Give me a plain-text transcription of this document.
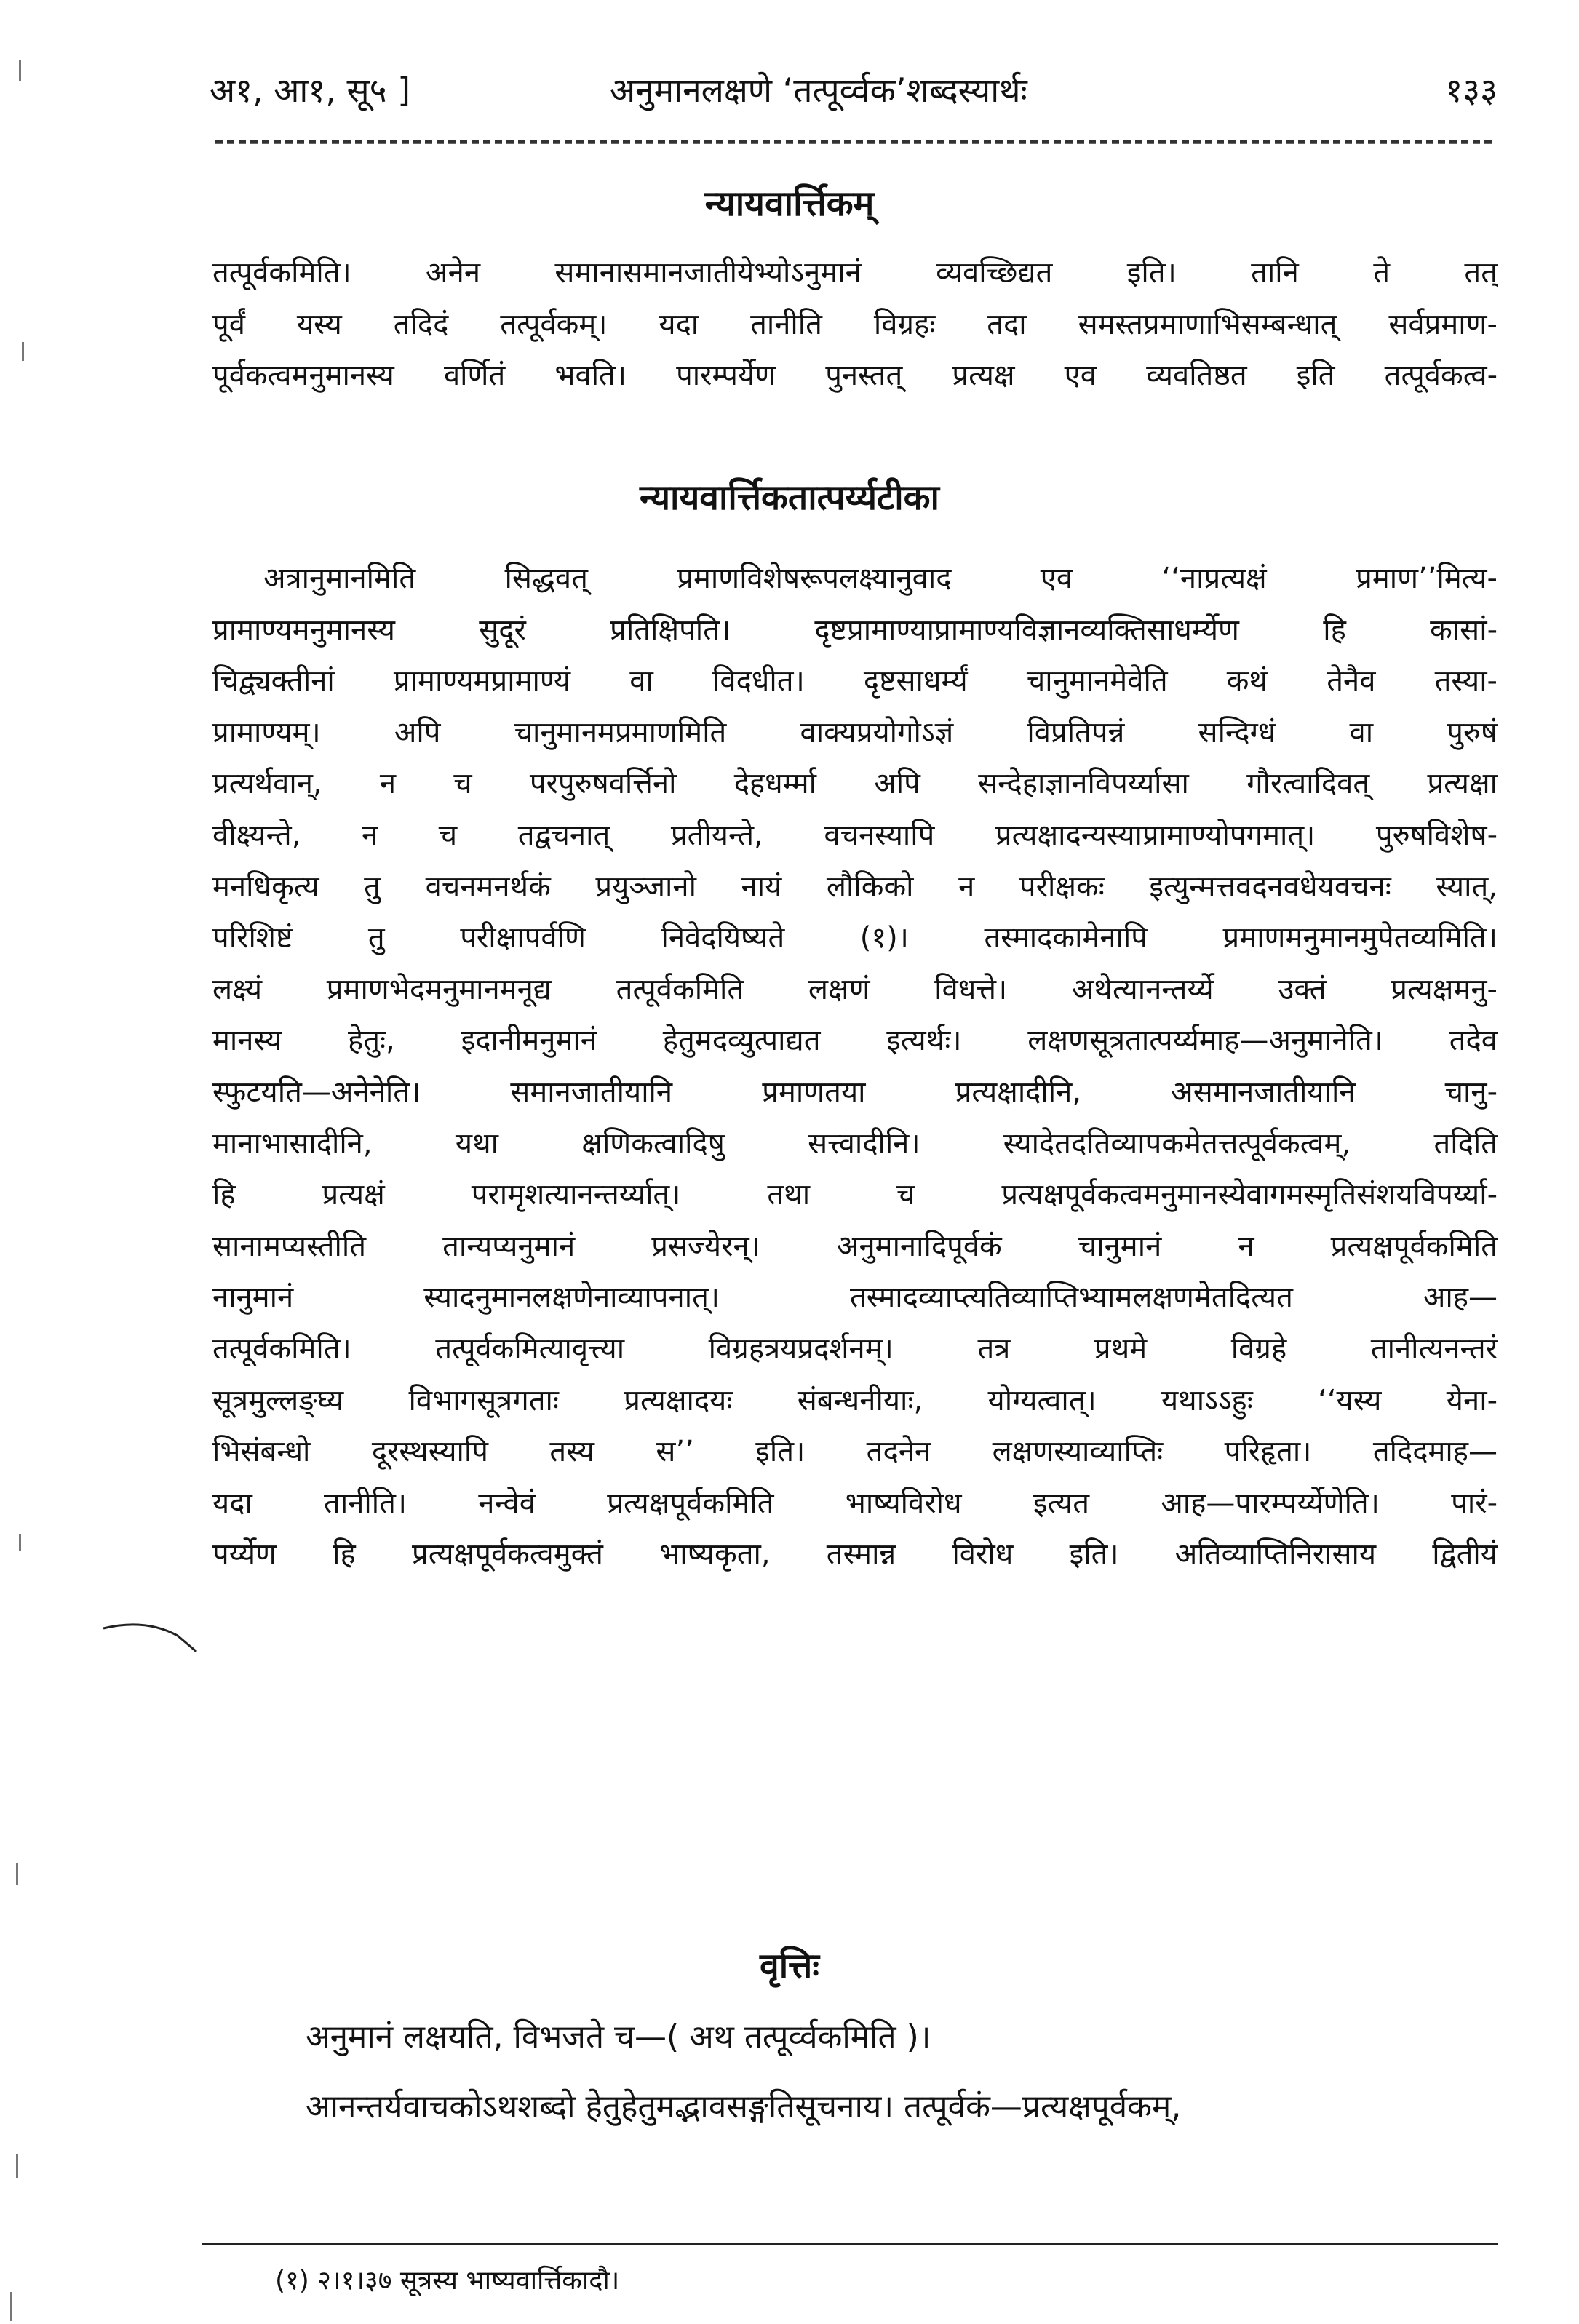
अ१, आ१, सू५ ]	अनुमानलक्षणे ‘तत्पूर्व्वक’शब्दस्यार्थः	१३३
न्यायवार्त्तिकम्
तत्पूर्वकमिति। अनेन समानासमानजातीयेभ्योऽनुमानं व्यवच्छिद्यत इति। तानि ते तत्
पूर्वं यस्य तदिदं तत्पूर्वकम्। यदा तानीति विग्रहः तदा समस्तप्रमाणाभिसम्बन्धात् सर्वप्रमाण-
पूर्वकत्वमनुमानस्य वर्णितं भवति। पारम्पर्येण पुनस्तत् प्रत्यक्ष एव व्यवतिष्ठत इति तत्पूर्वकत्व-
न्यायवार्त्तिकतात्पर्य्यटीका
अत्रानुमानमिति सिद्धवत् प्रमाणविशेषरूपलक्ष्यानुवाद एव ‘‘नाप्रत्यक्षं प्रमाण’’मित्य-
प्रामाण्यमनुमानस्य सुदूरं प्रतिक्षिपति। दृष्टप्रामाण्याप्रामाण्यविज्ञानव्यक्तिसाधर्म्येण हि कासां-
चिद्व्यक्तीनां प्रामाण्यमप्रामाण्यं वा विदधीत। दृष्टसाधर्म्यं चानुमानमेवेति कथं तेनैव तस्या-
प्रामाण्यम्। अपि चानुमानमप्रमाणमिति वाक्यप्रयोगोऽज्ञं विप्रतिपन्नं सन्दिग्धं वा पुरुषं
प्रत्यर्थवान्, न च परपुरुषवर्त्तिनो देहधर्म्मा अपि सन्देहाज्ञानविपर्य्यासा गौरत्वादिवत् प्रत्यक्षा
वीक्ष्यन्ते, न च तद्वचनात् प्रतीयन्ते, वचनस्यापि प्रत्यक्षादन्यस्याप्रामाण्योपगमात्। पुरुषविशेष-
मनधिकृत्य तु वचनमनर्थकं प्रयुञ्जानो नायं लौकिको न परीक्षकः इत्युन्मत्तवदनवधेयवचनः स्यात्,
परिशिष्टं तु परीक्षापर्वणि निवेदयिष्यते (१)। तस्मादकामेनापि प्रमाणमनुमानमुपेतव्यमिति।
लक्ष्यं प्रमाणभेदमनुमानमनूद्य तत्पूर्वकमिति लक्षणं विधत्ते। अथेत्यानन्तर्य्ये उक्तं प्रत्यक्षमनु-
मानस्य हेतुः, इदानीमनुमानं हेतुमदव्युत्पाद्यत इत्यर्थः। लक्षणसूत्रतात्पर्य्यमाह—अनुमानेति। तदेव
स्फुटयति—अनेनेति। समानजातीयानि प्रमाणतया प्रत्यक्षादीनि, असमानजातीयानि चानु-
मानाभासादीनि, यथा क्षणिकत्वादिषु सत्त्वादीनि। स्यादेतदतिव्यापकमेतत्तत्पूर्वकत्वम्, तदिति
हि प्रत्यक्षं परामृशत्यानन्तर्य्यात्। तथा च प्रत्यक्षपूर्वकत्वमनुमानस्येवागमस्मृतिसंशयविपर्य्या-
सानामप्यस्तीति तान्यप्यनुमानं प्रसज्येरन्। अनुमानादिपूर्वकं चानुमानं न प्रत्यक्षपूर्वकमिति
नानुमानं स्यादनुमानलक्षणेनाव्यापनात्। तस्मादव्याप्त्यतिव्याप्तिभ्यामलक्षणमेतदित्यत आह—
तत्पूर्वकमिति। तत्पूर्वकमित्यावृत्त्या विग्रहत्रयप्रदर्शनम्। तत्र प्रथमे विग्रहे तानीत्यनन्तरं
सूत्रमुल्लङ्घ्य विभागसूत्रगताः प्रत्यक्षादयः संबन्धनीयाः, योग्यत्वात्। यथाऽऽहुः ‘‘यस्य येना-
भिसंबन्धो दूरस्थस्यापि तस्य स’’ इति। तदनेन लक्षणस्याव्याप्तिः परिहृता। तदिदमाह—
यदा तानीति। नन्वेवं प्रत्यक्षपूर्वकमिति भाष्यविरोध इत्यत आह—पारम्पर्य्येणेति। पारं-
पर्य्येण हि प्रत्यक्षपूर्वकत्वमुक्तं भाष्यकृता, तस्मान्न विरोध इति। अतिव्याप्तिनिरासाय द्वितीयं
वृत्तिः
अनुमानं लक्षयति, विभजते च—( अथ तत्पूर्व्वकमिति )।
आनन्तर्यवाचकोऽथशब्दो हेतुहेतुमद्भावसङ्गतिसूचनाय। तत्पूर्वकं—प्रत्यक्षपूर्वकम्,
(१) २।१।३७ सूत्रस्य भाष्यवार्त्तिकादौ।
